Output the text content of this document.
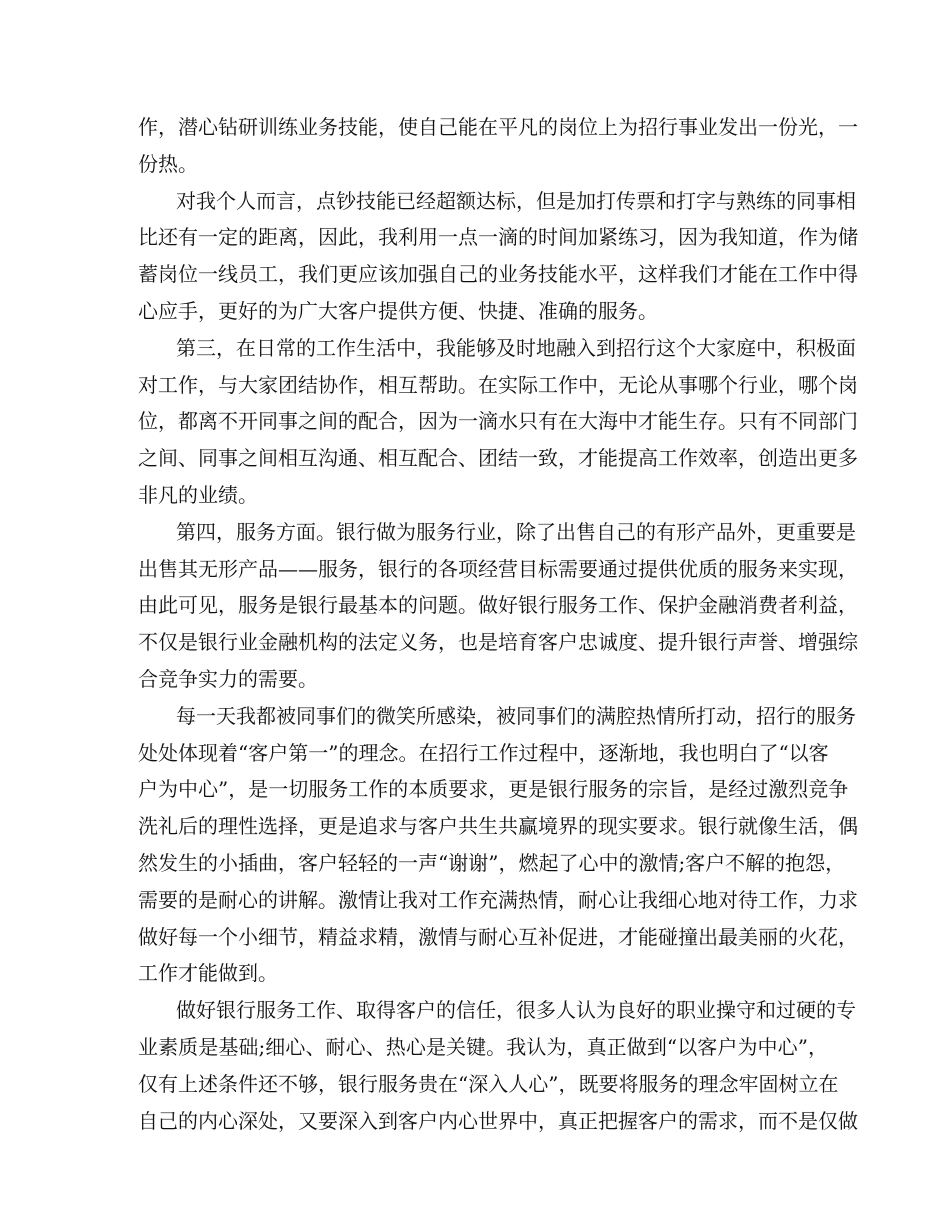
作，潜心钻研训练业务技能，使自己能在平凡的岗位上为招行事业发出一份光，一
份热。
对我个人而言，点钞技能已经超额达标，但是加打传票和打字与熟练的同事相
比还有一定的距离，因此，我利用一点一滴的时间加紧练习，因为我知道，作为储
蓄岗位一线员工，我们更应该加强自己的业务技能水平，这样我们才能在工作中得
心应手，更好的为广大客户提供方便、快捷、准确的服务。
第三，在日常的工作生活中，我能够及时地融入到招行这个大家庭中，积极面
对工作，与大家团结协作，相互帮助。在实际工作中，无论从事哪个行业，哪个岗
位，都离不开同事之间的配合，因为一滴水只有在大海中才能生存。只有不同部门
之间、同事之间相互沟通、相互配合、团结一致，才能提高工作效率，创造出更多
非凡的业绩。
第四，服务方面。银行做为服务行业，除了出售自己的有形产品外，更重要是
出售其无形产品——服务，银行的各项经营目标需要通过提供优质的服务来实现，
由此可见，服务是银行最基本的问题。做好银行服务工作、保护金融消费者利益，
不仅是银行业金融机构的法定义务，也是培育客户忠诚度、提升银行声誉、增强综
合竞争实力的需要。
每一天我都被同事们的微笑所感染，被同事们的满腔热情所打动，招行的服务
处处体现着“客户第一”的理念。在招行工作过程中，逐渐地，我也明白了“以客
户为中心”，是一切服务工作的本质要求，更是银行服务的宗旨，是经过激烈竞争
洗礼后的理性选择，更是追求与客户共生共赢境界的现实要求。银行就像生活，偶
然发生的小插曲，客户轻轻的一声“谢谢”，燃起了心中的激情;客户不解的抱怨，
需要的是耐心的讲解。激情让我对工作充满热情，耐心让我细心地对待工作，力求
做好每一个小细节，精益求精，激情与耐心互补促进，才能碰撞出最美丽的火花，
工作才能做到。
做好银行服务工作、取得客户的信任，很多人认为良好的职业操守和过硬的专
业素质是基础;细心、耐心、热心是关键。我认为，真正做到“以客户为中心”，
仅有上述条件还不够，银行服务贵在“深入人心”，既要将服务的理念牢固树立在
自己的内心深处，又要深入到客户内心世界中，真正把握客户的需求，而不是仅做
